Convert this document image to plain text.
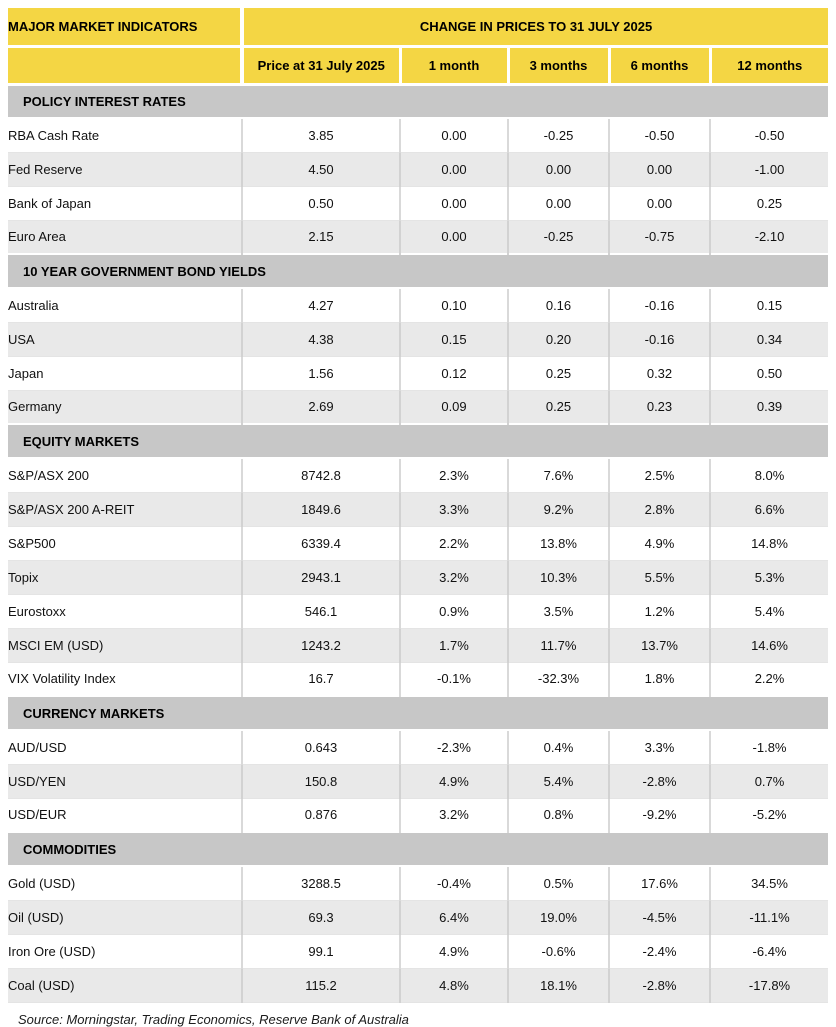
MAJOR MARKET INDICATORS	CHANGE IN PRICES TO 31 JULY 2025				
	Price at 31 July 2025	1 month	3 months	6 months	12 months
POLICY INTEREST RATES					
RBA Cash Rate	3.85	0.00	-0.25	-0.50	-0.50
Fed Reserve	4.50	0.00	0.00	0.00	-1.00
Bank of Japan	0.50	0.00	0.00	0.00	0.25
Euro Area	2.15	0.00	-0.25	-0.75	-2.10
10 YEAR GOVERNMENT BOND YIELDS					
Australia	4.27	0.10	0.16	-0.16	0.15
USA	4.38	0.15	0.20	-0.16	0.34
Japan	1.56	0.12	0.25	0.32	0.50
Germany	2.69	0.09	0.25	0.23	0.39
EQUITY MARKETS					
S&P/ASX 200	8742.8	2.3%	7.6%	2.5%	8.0%
S&P/ASX 200 A-REIT	1849.6	3.3%	9.2%	2.8%	6.6%
S&P500	6339.4	2.2%	13.8%	4.9%	14.8%
Topix	2943.1	3.2%	10.3%	5.5%	5.3%
Eurostoxx	546.1	0.9%	3.5%	1.2%	5.4%
MSCI EM (USD)	1243.2	1.7%	11.7%	13.7%	14.6%
VIX Volatility Index	16.7	-0.1%	-32.3%	1.8%	2.2%
CURRENCY MARKETS					
AUD/USD	0.643	-2.3%	0.4%	3.3%	-1.8%
USD/YEN	150.8	4.9%	5.4%	-2.8%	0.7%
USD/EUR	0.876	3.2%	0.8%	-9.2%	-5.2%
COMMODITIES					
Gold (USD)	3288.5	-0.4%	0.5%	17.6%	34.5%
Oil (USD)	69.3	6.4%	19.0%	-4.5%	-11.1%
Iron Ore (USD)	99.1	4.9%	-0.6%	-2.4%	-6.4%
Coal (USD)	115.2	4.8%	18.1%	-2.8%	-17.8%
Source: Morningstar, Trading Economics, Reserve Bank of Australia
